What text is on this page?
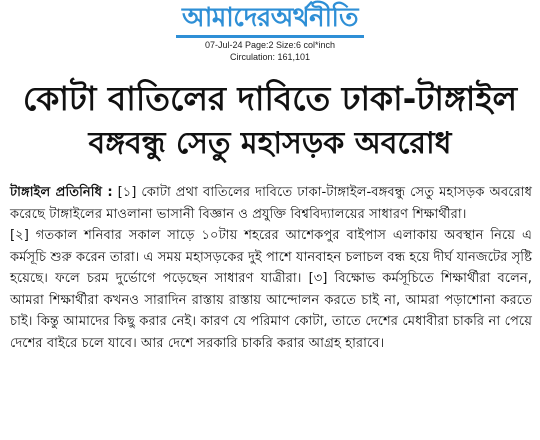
আমাদেরঅর্থনীতি
07-Jul-24 Page:2 Size:6 col*inch
Circulation: 161,101
কোটা বাতিলের দাবিতে ঢাকা-টাঙ্গাইল
বঙ্গবন্ধু সেতু মহাসড়ক অবরোধ

টাঙ্গাইল প্রতিনিধি : [১] কোটা প্রথা বাতিলের দাবিতে ঢাকা-টাঙ্গাইল-বঙ্গবন্ধু সেতু মহাসড়ক অবরোধ করেছে টাঙ্গাইলের মাওলানা ভাসানী বিজ্ঞান ও প্রযুক্তি বিশ্ববিদ্যালয়ের সাধারণ শিক্ষার্থীরা।

[২] গতকাল শনিবার সকাল সাড়ে ১০টায় শহরের আশেকপুর বাইপাস এলাকায় অবস্থান নিয়ে এ কর্মসূচি শুরু করেন তারা। এ সময় মহাসড়কের দুই পাশে যানবাহন চলাচল বন্ধ হয়ে দীর্ঘ যানজটের সৃষ্টি হয়েছে। ফলে চরম দুর্ভোগে পড়েছেন সাধারণ যাত্রীরা। [৩] বিক্ষোভ কর্মসূচিতে শিক্ষার্থীরা বলেন, আমরা শিক্ষার্থীরা কখনও সারাদিন রাস্তায় রাস্তায় আন্দোলন করতে চাই না, আমরা পড়াশোনা করতে চাই। কিন্তু আমাদের কিছু করার নেই। কারণ যে পরিমাণ কোটা, তাতে দেশের মেধাবীরা চাকরি না পেয়ে দেশের বাইরে চলে যাবে। আর দেশে সরকারি চাকরি করার আগ্রহ হারাবে।
